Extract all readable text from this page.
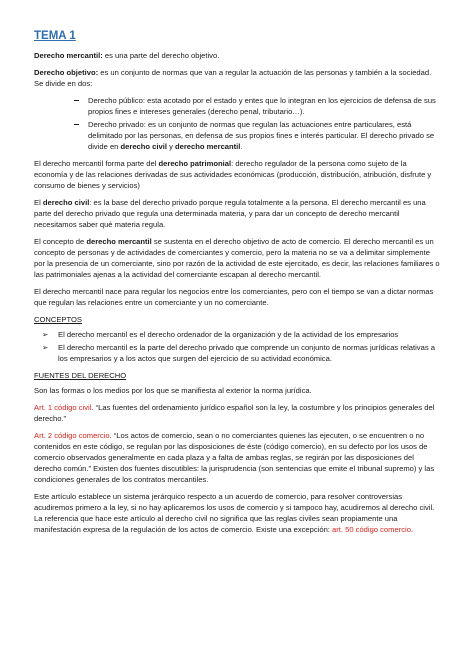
TEMA 1

Derecho mercantil: es una parte del derecho objetivo.

Derecho objetivo: es un conjunto de normas que van a regular la actuación de las personas y también a la sociedad. Se divide en dos:

Derecho público: esta acotado por el estado y entes que lo integran en los ejercicios de defensa de sus propios fines e intereses generales (derecho penal, tributario…).
Derecho privado: es un conjunto de normas que regulan las actuaciones entre particulares, está delimitado por las personas, en defensa de sus propios fines e interés particular. El derecho privado se divide en derecho civil y derecho mercantil.

El derecho mercantil forma parte del derecho patrimonial: derecho regulador de la persona como sujeto de la economía y de las relaciones derivadas de sus actividades económicas (producción, distribución, atribución, disfrute y consumo de bienes y servicios)

El derecho civil: es la base del derecho privado porque regula totalmente a la persona. El derecho mercantil es una parte del derecho privado que regula una determinada materia, y para dar un concepto de derecho mercantil necesitamos saber qué materia regula.

El concepto de derecho mercantil se sustenta en el derecho objetivo de acto de comercio. El derecho mercantil es un concepto de personas y de actividades de comerciantes y comercio, pero la materia no se va a delimitar simplemente por la presencia de un comerciante, sino por razón de la actividad de este ejercitado, es decir, las relaciones familiares o las patrimoniales ajenas a la actividad del comerciante escapan al derecho mercantil.

El derecho mercantil nace para regular los negocios entre los comerciantes, pero con el tiempo se van a dictar normas que regulan las relaciones entre un comerciante y un no comerciante.

CONCEPTOS
➢ El derecho mercantil es el derecho ordenador de la organización y de la actividad de los empresarios
➢ El derecho mercantil es la parte del derecho privado que comprende un conjunto de normas jurídicas relativas a los empresarios y a los actos que surgen del ejercicio de su actividad económica.
FUENTES DEL DERECHO

Son las formas o los medios por los que se manifiesta al exterior la norma jurídica.

Art. 1 código civil. “Las fuentes del ordenamiento jurídico español son la ley, la costumbre y los principios generales del derecho.”

Art. 2 código comercio. “Los actos de comercio, sean o no comerciantes quienes las ejecuten, o se encuentren o no contenidos en este código, se regulan por las disposiciones de éste (código comercio), en su defecto por los usos de comercio observados generalmente en cada plaza y a falta de ambas reglas, se regirán por las disposiciones del derecho común.” Existen dos fuentes discutibles: la jurisprudencia (son sentencias que emite el tribunal supremo) y las condiciones generales de los contratos mercantiles.

Este artículo establece un sistema jerárquico respecto a un acuerdo de comercio, para resolver controversias acudiremos primero a la ley, si no hay aplicaremos los usos de comercio y si tampoco hay, acudiremos al derecho civil. La referencia que hace este artículo al derecho civil no significa que las reglas civiles sean propiamente una manifestación expresa de la regulación de los actos de comercio. Existe una excepción: art. 50 código comercio.
